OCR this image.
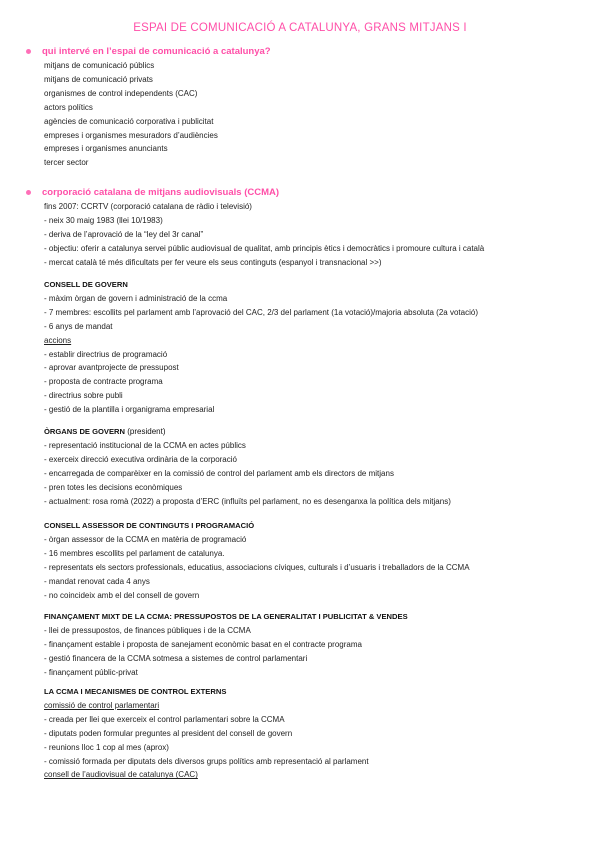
ESPAI DE COMUNICACIÓ A CATALUNYA, GRANS MITJANS I
qui intervé en l’espai de comunicació a catalunya?
mitjans de comunicació públics
mitjans de comunicació privats
organismes de control independents (CAC)
actors polítics
agències de comunicació corporativa i publicitat
empreses i organismes mesuradors d’audiències
empreses i organismes anunciants
tercer sector
corporació catalana de mitjans audiovisuals (CCMA)
fins 2007: CCRTV (corporació catalana de ràdio i televisió)
- neix 30 maig 1983 (llei 10/1983)
- deriva de l’aprovació de la “ley del 3r canal”
- objectiu: oferir a catalunya servei públic audiovisual de qualitat, amb principis ètics i democràtics i promoure cultura i català
- mercat català té més dificultats per fer veure els seus continguts (espanyol i transnacional >>)
CONSELL DE GOVERN
- màxim òrgan de govern i administració de la ccma
- 7 membres: escollits pel parlament amb l’aprovació del CAC, 2/3 del parlament (1a votació)/majoria absoluta (2a votació)
- 6 anys de mandat
accions
- establir directrius de programació
- aprovar avantprojecte de pressupost
- proposta de contracte programa
- directrius sobre publi
- gestió de la plantilla i organigrama empresarial
ÒRGANS DE GOVERN (president)
- representació institucional de la CCMA en actes públics
- exerceix direcció executiva ordinària de la corporació
- encarregada de comparèixer en la comissió de control del parlament amb els directors de mitjans
- pren totes les decisions econòmiques
- actualment: rosa romà (2022) a proposta d’ERC (influïts pel parlament, no es desenganxa la política dels mitjans)
CONSELL ASSESSOR DE CONTINGUTS I PROGRAMACIÓ
- òrgan assessor de la CCMA en matèria de programació
- 16 membres escollits pel parlament de catalunya.
- representats els sectors professionals, educatius, associacions cíviques, culturals i d’usuaris i treballadors de la CCMA
- mandat renovat cada 4 anys
- no coincideix amb el del consell de govern
FINANÇAMENT MIXT DE LA CCMA: PRESSUPOSTOS DE LA GENERALITAT I PUBLICITAT & VENDES
- llei de pressupostos, de finances públiques i de la CCMA
- finançament estable i proposta de sanejament econòmic basat en el contracte programa
- gestió financera de la CCMA sotmesa a sistemes de control parlamentari
- finançament públic-privat
LA CCMA I MECANISMES DE CONTROL EXTERNS
comissió de control parlamentari
- creada per llei que exerceix el control parlamentari sobre la CCMA
- diputats poden formular preguntes al president del consell de govern
- reunions lloc 1 cop al mes (aprox)
- comissió formada per diputats dels diversos grups polítics amb representació al parlament
consell de l’audiovisual de catalunya (CAC)
